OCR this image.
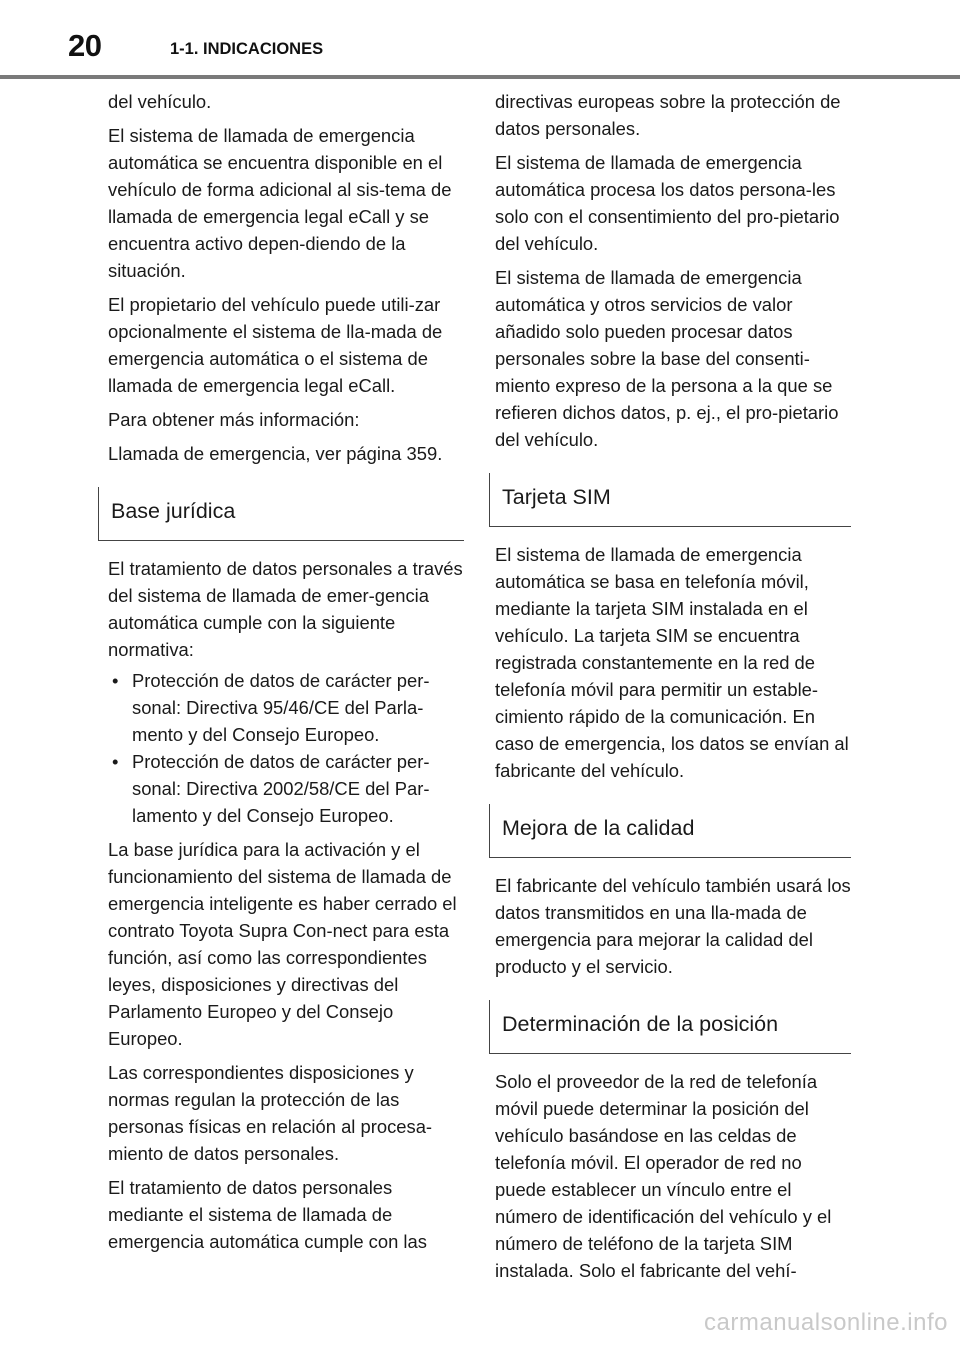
20	1-1. INDICACIONES

del vehículo.

El sistema de llamada de emergencia automática se encuentra disponible en el vehículo de forma adicional al sis-tema de llamada de emergencia legal eCall y se encuentra activo depen-diendo de la situación.

El propietario del vehículo puede utili-zar opcionalmente el sistema de lla-mada de emergencia automática o el sistema de llamada de emergencia legal eCall.

Para obtener más información:

Llamada de emergencia, ver página 359.

Base jurídica

El tratamiento de datos personales a través del sistema de llamada de emer-gencia automática cumple con la siguiente normativa:

• Protección de datos de carácter per-sonal: Directiva 95/46/CE del Parla-mento y del Consejo Europeo.
• Protección de datos de carácter per-sonal: Directiva 2002/58/CE del Par-lamento y del Consejo Europeo.

La base jurídica para la activación y el funcionamiento del sistema de llamada de emergencia inteligente es haber cerrado el contrato Toyota Supra Con-nect para esta función, así como las correspondientes leyes, disposiciones y directivas del Parlamento Europeo y del Consejo Europeo.

Las correspondientes disposiciones y normas regulan la protección de las personas físicas en relación al procesa-miento de datos personales.

El tratamiento de datos personales mediante el sistema de llamada de emergencia automática cumple con las

directivas europeas sobre la protección de datos personales.

El sistema de llamada de emergencia automática procesa los datos persona-les solo con el consentimiento del pro-pietario del vehículo.

El sistema de llamada de emergencia automática y otros servicios de valor añadido solo pueden procesar datos personales sobre la base del consenti-miento expreso de la persona a la que se refieren dichos datos, p. ej., el pro-pietario del vehículo.

Tarjeta SIM

El sistema de llamada de emergencia automática se basa en telefonía móvil, mediante la tarjeta SIM instalada en el vehículo. La tarjeta SIM se encuentra registrada constantemente en la red de telefonía móvil para permitir un estable-cimiento rápido de la comunicación. En caso de emergencia, los datos se envían al fabricante del vehículo.

Mejora de la calidad

El fabricante del vehículo también usará los datos transmitidos en una lla-mada de emergencia para mejorar la calidad del producto y el servicio.

Determinación de la posición

Solo el proveedor de la red de telefonía móvil puede determinar la posición del vehículo basándose en las celdas de telefonía móvil. El operador de red no puede establecer un vínculo entre el número de identificación del vehículo y el número de teléfono de la tarjeta SIM instalada. Solo el fabricante del vehí-

carmanualsonline.info
